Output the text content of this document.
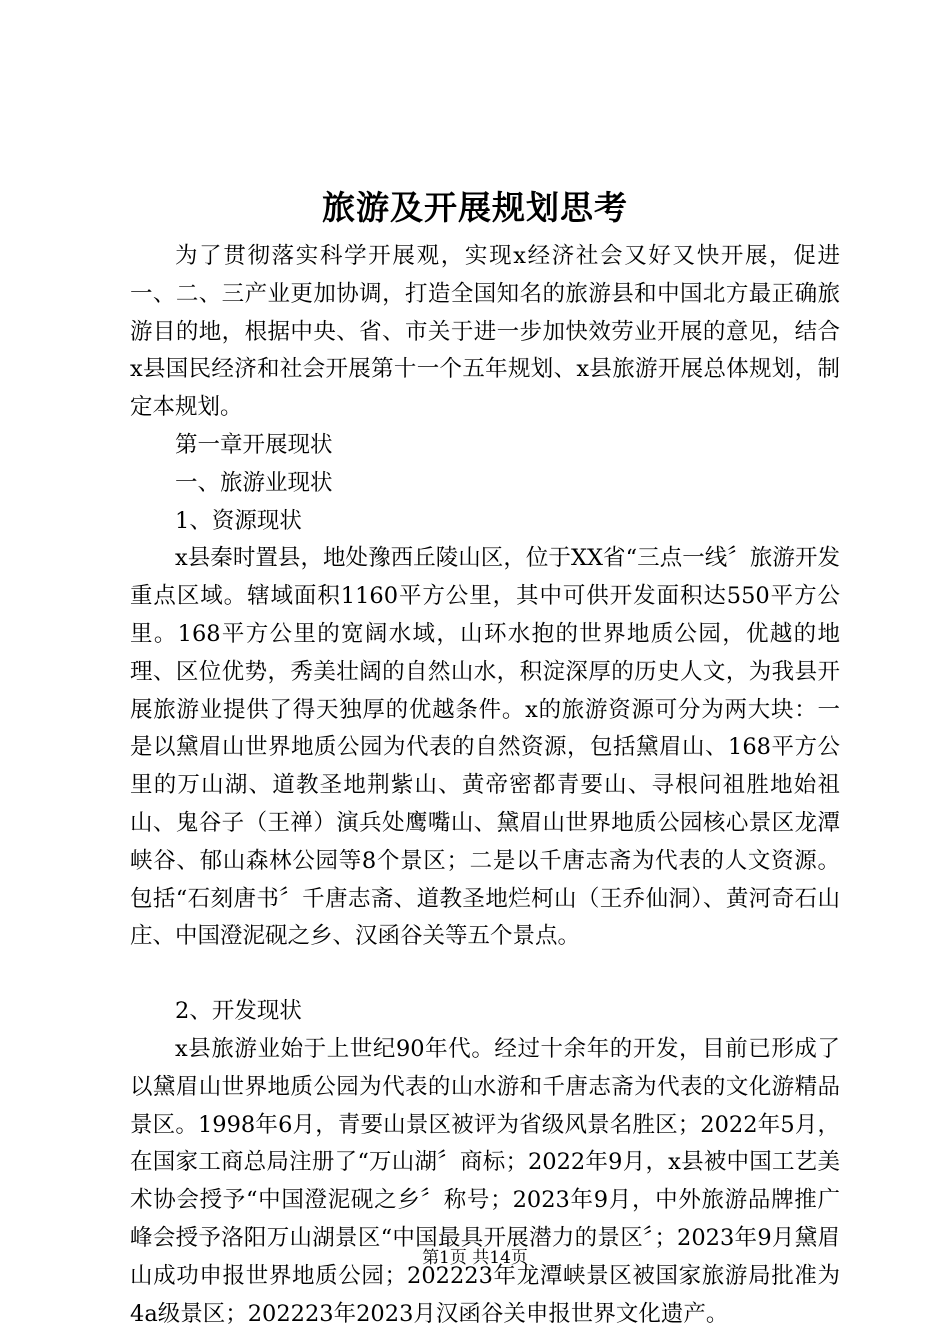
旅游及开展规划思考

为了贯彻落实科学开展观，实现x经济社会又好又快开展，促进一、二、三产业更加协调，打造全国知名的旅游县和中国北方最正确旅游目的地，根据中央、省、市关于进一步加快效劳业开展的意见，结合x县国民经济和社会开展第十一个五年规划、x县旅游开展总体规划，制定本规划。

第一章开展现状

一、旅游业现状

1、资源现状

x县秦时置县，地处豫西丘陵山区，位于XX省“三点一线〞旅游开发重点区域。辖域面积1160平方公里，其中可供开发面积达550平方公里。168平方公里的宽阔水域，山环水抱的世界地质公园，优越的地理、区位优势，秀美壮阔的自然山水，积淀深厚的历史人文，为我县开展旅游业提供了得天独厚的优越条件。x的旅游资源可分为两大块：一是以黛眉山世界地质公园为代表的自然资源，包括黛眉山、168平方公里的万山湖、道教圣地荆紫山、黄帝密都青要山、寻根问祖胜地始祖山、鬼谷子（王禅）演兵处鹰嘴山、黛眉山世界地质公园核心景区龙潭峡谷、郁山森林公园等8个景区；二是以千唐志斋为代表的人文资源。包括“石刻唐书〞千唐志斋、道教圣地烂柯山（王乔仙洞）、黄河奇石山庄、中国澄泥砚之乡、汉函谷关等五个景点。

2、开发现状

x县旅游业始于上世纪90年代。经过十余年的开发，目前已形成了以黛眉山世界地质公园为代表的山水游和千唐志斋为代表的文化游精品景区。1998年6月，青要山景区被评为省级风景名胜区；2022年5月，在国家工商总局注册了“万山湖〞商标；2022年9月，x县被中国工艺美术协会授予“中国澄泥砚之乡〞称号；2023年9月，中外旅游品牌推广峰会授予洛阳万山湖景区“中国最具开展潜力的景区〞；2023年9月黛眉山成功申报世界地质公园；202223年龙潭峡景区被国家旅游局批准为4a级景区；202223年2023月汉函谷关申报世界文化遗产。

第1页 共14页
